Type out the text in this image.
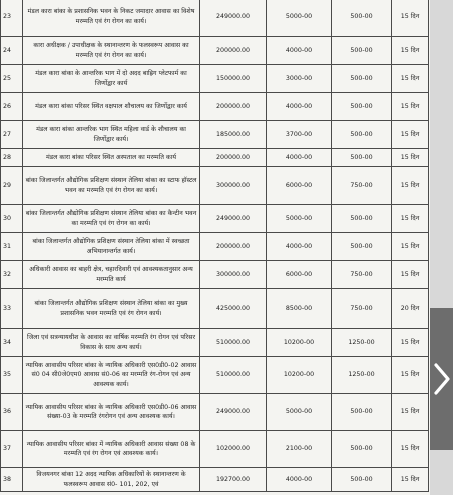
23	मंडल कारा बांका के प्रशासनिक भवन के निकट जमादार आवास का विशेष मरम्मति एवं रंग रोगन का कार्य।	249000.00	5000-00	500-00	15 दिन
24	कारा अधीक्षक / उपाधीक्षक के स्थानान्तरण के फलस्वरूप आवास का मरम्मति एवं रंग रोगन का कार्य।	200000.00	4000-00	500-00	15 दिन
25	मंडल कारा बांका के आन्तरिक भाग में दो अदद बाह्रिग प्लेटफार्म का जिर्णोद्वार कार्य	150000.00	3000-00	500-00	15 दिन
26	मंडल कारा बांका परिसर स्थित वक्षपाल शौचालय का जिर्णोद्वार कार्य	200000.00	4000-00	500-00	15 दिन
27	मंडल कारा बांका आन्तरिक भाग स्थित महिला वार्ड के शौचालय का जिर्णोद्वार कार्य।	185000.00	3700-00	500-00	15 दिन
28	मंडल कारा बांका परिसर स्थित अस्पताल का मरम्मति कार्य	200000.00	4000-00	500-00	15 दिन
29	बांका जिलान्तर्गत औद्योगिक प्रशिक्षण संस्थान तेलिया बांका का स्टाफ हॉस्टल भवन का मरम्मति एवं रंग रोगन का कार्य।	300000.00	6000-00	750-00	15 दिन
30	बांका जिलान्तर्गत औद्योगिक प्रशिक्षण संस्थान तेलिया बांका का कैन्टीन भवन का मरम्मति एवं रंग रोगन का कार्य।	249000.00	5000-00	500-00	15 दिन
31	बांका जिलान्तर्गत औद्योगिक प्रशिक्षण संस्थान तेलिया बांका में स्वच्छता अभियानान्तर्गत कार्य।	200000.00	4000-00	500-00	15 दिन
32	अधिकारी आवास का बाहरी क्षेत्र, चहारदिवारी एवं आवश्यकतानुसार अन्य मरम्मति कार्य	300000.00	6000-00	750-00	15 दिन
33	बांका जिलान्तर्गत औद्योगिक प्रशिक्षण संस्थान तेलिया बांका का मुख्य प्रशासनिक भवन मरम्मति एवं रंग रोगन कार्य।	425000.00	8500-00	750-00	20 दिन
34	जिला एवं सत्रन्यायधीश के आवास का वार्षिक मरम्मति रंग रोगन एवं परिसर विकास के साथ अन्य कार्य।	510000.00	10200-00	1250-00	15 दिन
35	न्यायिक आवासीय परिसर बांका के न्यायिक अधिकारी एस0डी0-02 आवास सं0 04 सी0जे0एम0 आवास सं0-06 का मरम्मति रंग-रोगन एवं अन्य आवश्यक कार्य।	510000.00	10200-00	1250-00	15 दिन
36	न्यायिक आवासीय परिसर बांका के न्यायिक अधिकारी एस0डी0-06 आवास संख्या-03 के मरम्मति रंगरोगन एवं अन्य आवश्यक कार्य।	249000.00	5000-00	500-00	15 दिन
37	न्यायिक आवासीय परिसर बांका में न्यायिक अधिकारी आवास संख्या 08 के मरम्मति एवं रंग रोगन एवं आवश्यक कार्य।	102000.00	2100-00	500-00	15 दिन
38	विजयनगर बांका 12 अदद न्यायिक अधिकारियों के स्थानान्तरण के फलस्वरूप आवास सं0- 101, 202, एवं	192700.00	4000-00	500-00	15 दिन
